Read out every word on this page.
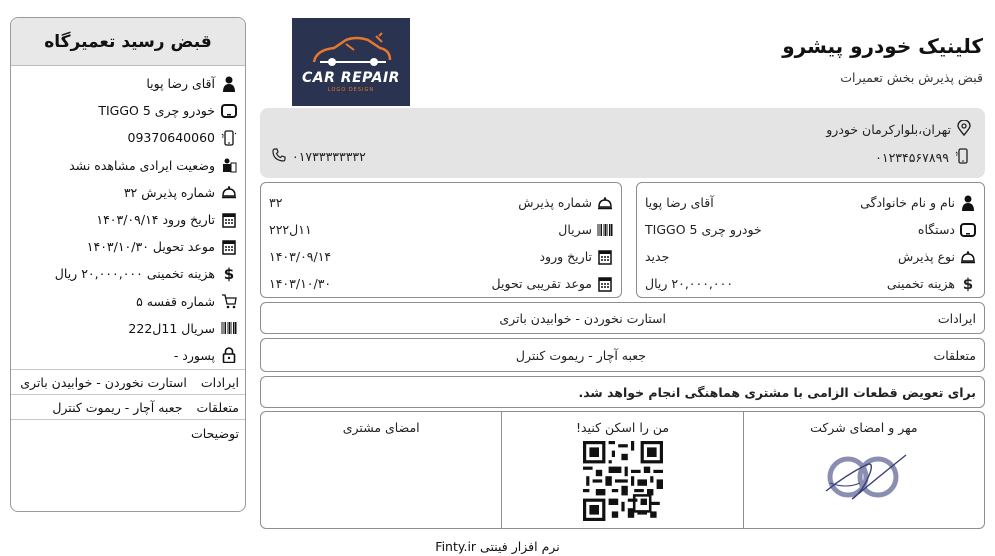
قبض رسید تعمیرگاه
آقای رضا پویا
خودرو چری TIGGO 5
09370640060
وضعیت ایرادی مشاهده نشد
شماره پذیرش ۳۲
تاریخ ورود ۱۴۰۳/۰۹/۱۴
موعد تحویل ۱۴۰۳/۱۰/۳۰
$
هزینه تخمینی ۲۰,۰۰۰,۰۰۰ ریال
شماره قفسه ۵
سریال 11ل222
پسورد -
ایرادات
استارت نخوردن - خوابیدن باتری
متعلقات
جعبه آچار - ریموت کنترل
توضیحات
CAR REPAIR
LOGO DESIGN
کلینیک خودرو پیشرو
قبض پذیرش بخش تعمیرات
تهران،بلوارکرمان خودرو
۰۱۲۳۴۵۶۷۸۹۹
۰۱۷۳۳۳۳۳۳۳۲
نام و نام خانوادگی
آقای رضا پویا
دستگاه
خودرو چری TIGGO 5
نوع پذیرش
جدید
$
هزینه تخمینی
۲۰,۰۰۰,۰۰۰ ریال
شماره پذیرش
۳۲
سریال
۱۱ل۲۲۲
تاریخ ورود
۱۴۰۳/۰۹/۱۴
موعد تقریبی تحویل
۱۴۰۳/۱۰/۳۰
ایرادات
استارت نخوردن - خوابیدن باتری
متعلقات
جعبه آچار - ریموت کنترل
برای تعویض قطعات الزامی با مشتری هماهنگی انجام خواهد شد.
مهر و امضای شرکت
من را اسکن کنید!
امضای مشتری
نرم افزار فینتی Finty.ir
